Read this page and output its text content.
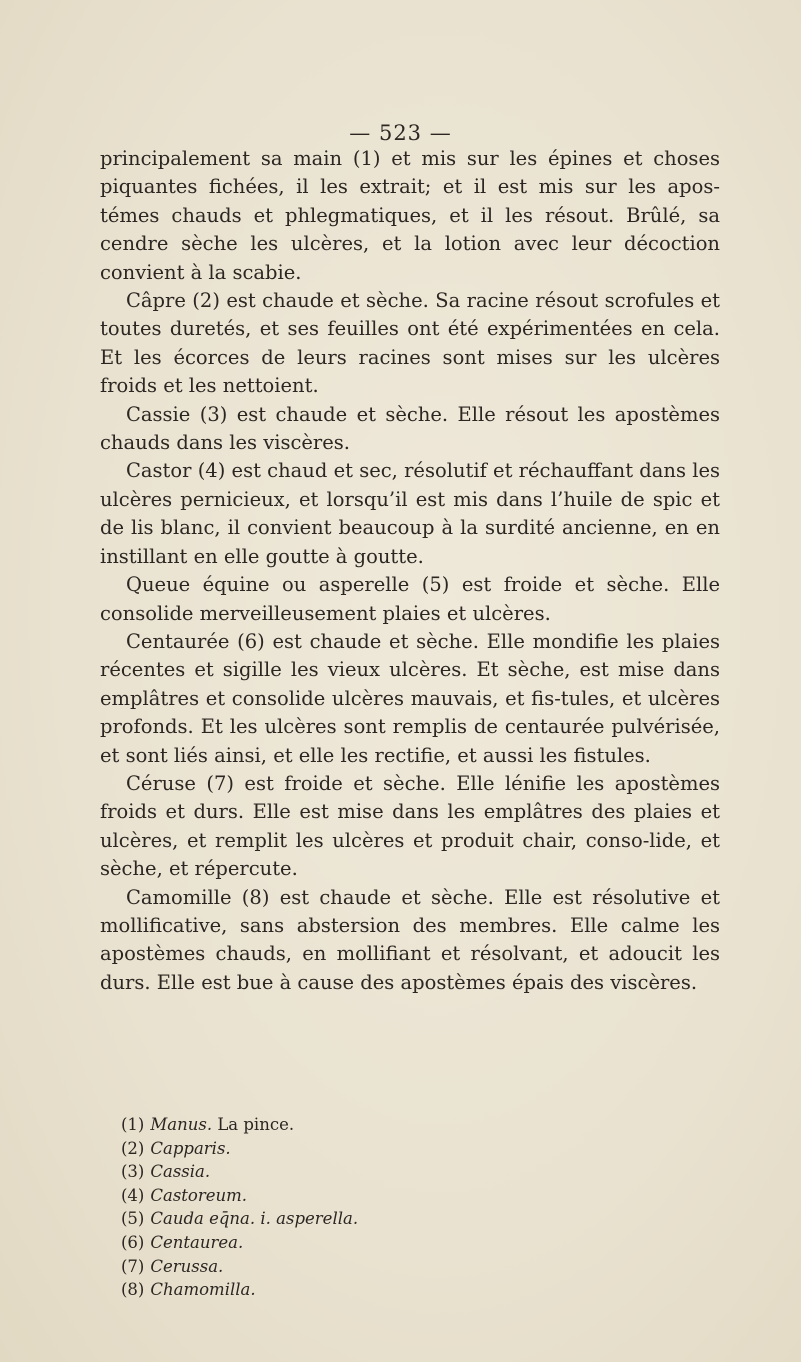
— 523 —

principalement sa main (1) et mis sur les épines et choses piquantes fichées, il les extrait; et il est mis sur les apos-témes chauds et phlegmatiques, et il les résout. Brûlé, sa cendre sèche les ulcères, et la lotion avec leur décoction convient à la scabie.

Câpre (2) est chaude et sèche. Sa racine résout scrofules et toutes duretés, et ses feuilles ont été expérimentées en cela. Et les écorces de leurs racines sont mises sur les ulcères froids et les nettoient.

Cassie (3) est chaude et sèche. Elle résout les apostèmes chauds dans les viscères.

Castor (4) est chaud et sec, résolutif et réchauffant dans les ulcères pernicieux, et lorsqu’il est mis dans l’huile de spic et de lis blanc, il convient beaucoup à la surdité ancienne, en en instillant en elle goutte à goutte.

Queue équine ou asperelle (5) est froide et sèche. Elle consolide merveilleusement plaies et ulcères.

Centaurée (6) est chaude et sèche. Elle mondifie les plaies récentes et sigille les vieux ulcères. Et sèche, est mise dans emplâtres et consolide ulcères mauvais, et fis-tules, et ulcères profonds. Et les ulcères sont remplis de centaurée pulvérisée, et sont liés ainsi, et elle les rectifie, et aussi les fistules.

Céruse (7) est froide et sèche. Elle lénifie les apostèmes froids et durs. Elle est mise dans les emplâtres des plaies et ulcères, et remplit les ulcères et produit chair, conso-lide, et sèche, et répercute.

Camomille (8) est chaude et sèche. Elle est résolutive et mollificative, sans abstersion des membres. Elle calme les apostèmes chauds, en mollifiant et résolvant, et adoucit les durs. Elle est bue à cause des apostèmes épais des viscères.

(1) Manus. La pince.
(2) Capparis.
(3) Cassia.
(4) Castoreum.
(5) Cauda eq̄na. i. asperella.
(6) Centaurea.
(7) Cerussa.
(8) Chamomilla.
